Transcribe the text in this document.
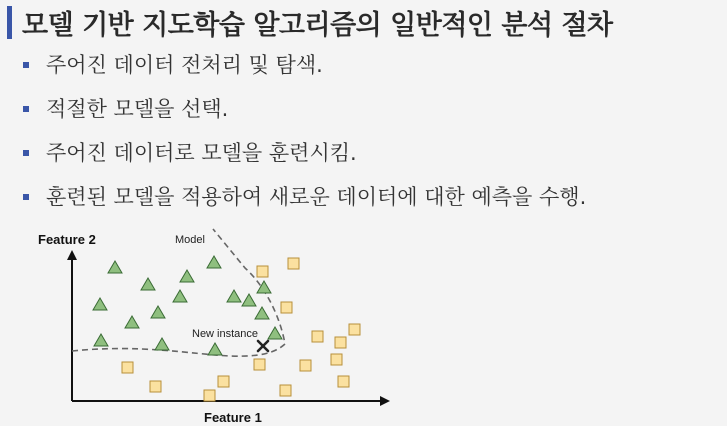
모델 기반 지도학습 알고리즘의 일반적인 분석 절차
주어진 데이터 전처리 및 탐색.
적절한 모델을 선택.
주어진 데이터로 모델을 훈련시킴.
훈련된 모델을 적용하여 새로운 데이터에 대한 예측을 수행.
Feature 2
Feature 1
Model
New instance
